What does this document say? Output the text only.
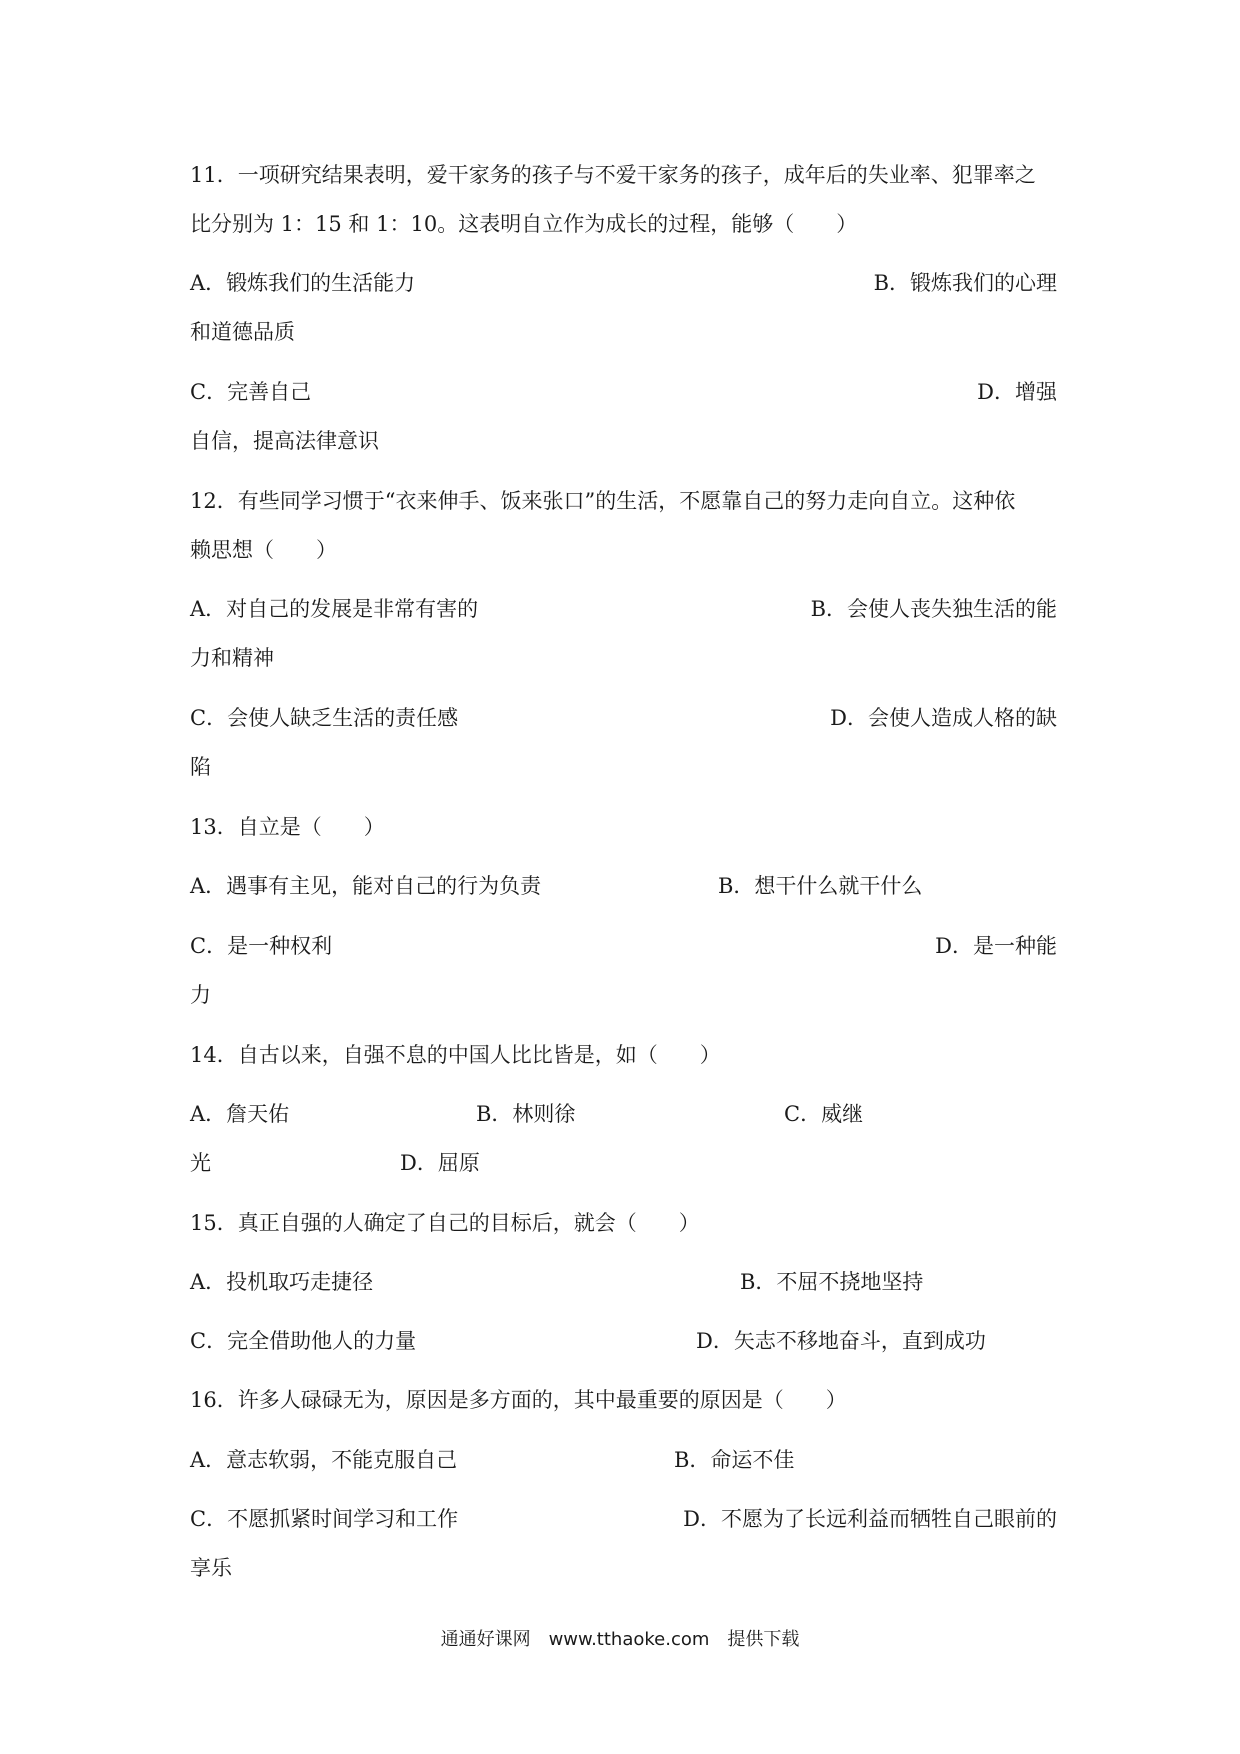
11．一项研究结果表明，爱干家务的孩子与不爱干家务的孩子，成年后的失业率、犯罪率之
比分别为 1：15 和 1：10。这表明自立作为成长的过程，能够（　　）
A．锻炼我们的生活能力	B．锻炼我们的心理
和道德品质
C．完善自己	D．增强
自信，提高法律意识
12．有些同学习惯于“衣来伸手、饭来张口”的生活，不愿靠自己的努力走向自立。这种依
赖思想（　　）
A．对自己的发展是非常有害的	B．会使人丧失独生活的能
力和精神
C．会使人缺乏生活的责任感	D．会使人造成人格的缺
陷
13．自立是（　　）
A．遇事有主见，能对自己的行为负责	B．想干什么就干什么
C．是一种权利	D．是一种能
力
14．自古以来，自强不息的中国人比比皆是，如（　　）
A．詹天佑	B．林则徐	C．威继
光	D．屈原
15．真正自强的人确定了自己的目标后，就会（　　）
A．投机取巧走捷径	B．不屈不挠地坚持
C．完全借助他人的力量	D．矢志不移地奋斗，直到成功
16．许多人碌碌无为，原因是多方面的，其中最重要的原因是（　　）
A．意志软弱，不能克服自己	B．命运不佳
C．不愿抓紧时间学习和工作	D．不愿为了长远利益而牺牲自己眼前的
享乐
通通好课网　www.tthaoke.com　提供下载
